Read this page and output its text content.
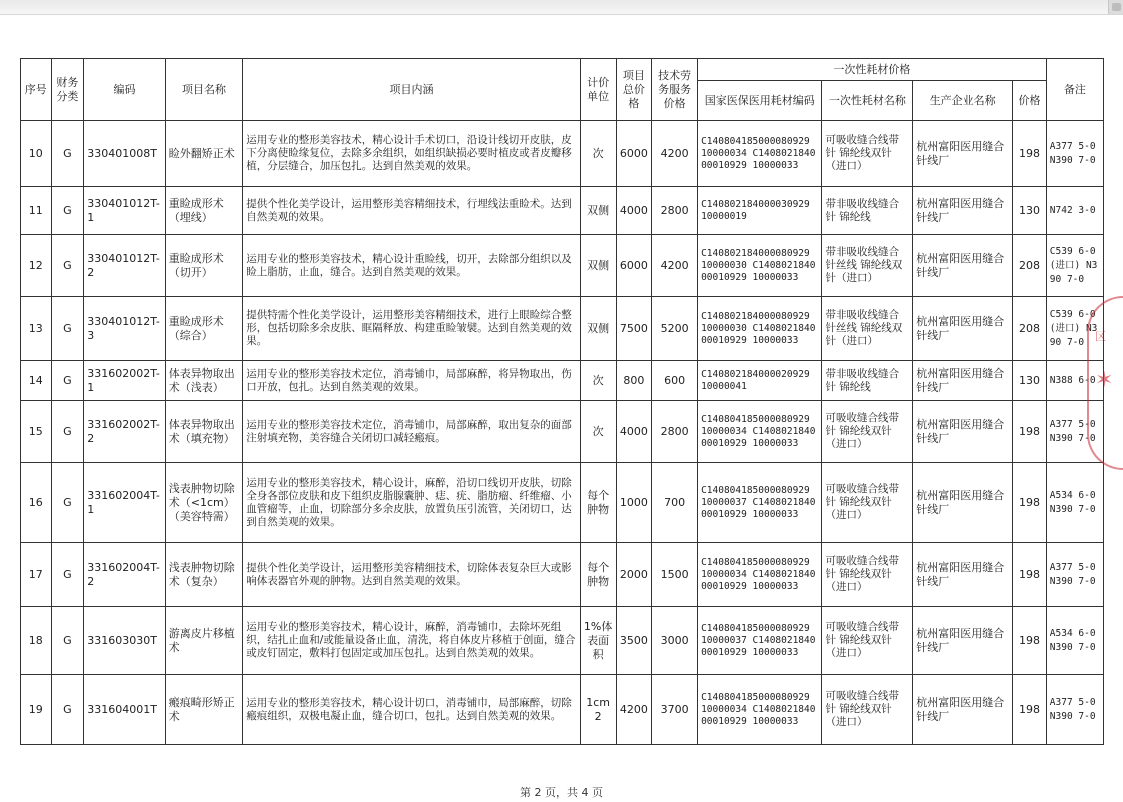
序号	财务分类	编码	项目名称	项目内涵	计价单位	项目总价格	技术劳务服务价格	一次性耗材价格				备注
								国家医保医用耗材编码	一次性耗材名称	生产企业名称	价格	
10	G	330401008T	睑外翻矫正术	运用专业的整形美容技术，精心设计手术切口，沿设计线切开皮肤，皮下分离使睑缘复位，去除多余组织，如组织缺损必要时植皮或者皮瓣移植，分层缝合，加压包扎。达到自然美观的效果。	次	6000	4200	C140804185000080929 10000034 C140802184000010929 10000033	可吸收缝合线带针 锦纶线双针（进口）	杭州富阳医用缝合针线厂	198	A377 5-0 N390 7-0
11	G	330401012T-1	重睑成形术（埋线）	提供个性化美学设计，运用整形美容精细技术，行埋线法重睑术。达到自然美观的效果。	双侧	4000	2800	C140802184000030929 10000019	带非吸收线缝合针 锦纶线	杭州富阳医用缝合针线厂	130	N742 3-0
12	G	330401012T-2	重睑成形术（切开）	运用专业的整形美容技术，精心设计重睑线，切开，去除部分组织以及睑上脂肪，止血，缝合。达到自然美观的效果。	双侧	6000	4200	C140802184000080929 10000030 C140802184000010929 10000033	带非吸收线缝合针丝线 锦纶线双针（进口）	杭州富阳医用缝合针线厂	208	C539 6-0(进口) N390 7-0
13	G	330401012T-3	重睑成形术（综合）	提供特需个性化美学设计，运用整形美容精细技术，进行上眼睑综合整形，包括切除多余皮肤、眶隔释放、构建重睑皱襞。达到自然美观的效果。	双侧	7500	5200	C140802184000080929 10000030 C140802184000010929 10000033	带非吸收线缝合针丝线 锦纶线双针（进口）	杭州富阳医用缝合针线厂	208	C539 6-0(进口) N390 7-0
14	G	331602002T-1	体表异物取出术（浅表）	运用专业的整形美容技术定位，消毒铺巾，局部麻醉，将异物取出，伤口开放，包扎。达到自然美观的效果。	次	800	600	C140802184000020929 10000041	带非吸收线缝合针 锦纶线	杭州富阳医用缝合针线厂	130	N388 6-0
15	G	331602002T-2	体表异物取出术（填充物）	运用专业的整形美容技术定位，消毒铺巾，局部麻醉，取出复杂的面部注射填充物，美容缝合关闭切口减轻瘢痕。	次	4000	2800	C140804185000080929 10000034 C140802184000010929 10000033	可吸收缝合线带针 锦纶线双针（进口）	杭州富阳医用缝合针线厂	198	A377 5-0 N390 7-0
16	G	331602004T-1	浅表肿物切除术（<1cm）（美容特需）	运用专业的整形美容技术，精心设计，麻醉，沿切口线切开皮肤，切除全身各部位皮肤和皮下组织皮脂腺囊肿、痣、疣、脂肪瘤、纤维瘤、小血管瘤等，止血，切除部分多余皮肤，放置负压引流管，关闭切口，达到自然美观的效果。	每个肿物	1000	700	C140804185000080929 10000037 C140802184000010929 10000033	可吸收缝合线带针 锦纶线双针（进口）	杭州富阳医用缝合针线厂	198	A534 6-0 N390 7-0
17	G	331602004T-2	浅表肿物切除术（复杂）	提供个性化美学设计，运用整形美容精细技术，切除体表复杂巨大或影响体表器官外观的肿物。达到自然美观的效果。	每个肿物	2000	1500	C140804185000080929 10000034 C140802184000010929 10000033	可吸收缝合线带针 锦纶线双针（进口）	杭州富阳医用缝合针线厂	198	A377 5-0 N390 7-0
18	G	331603030T	游离皮片移植术	运用专业的整形美容技术，精心设计，麻醉，消毒铺巾，去除坏死组织，结扎止血和/或能量设备止血，清洗，将自体皮片移植于创面，缝合或皮钉固定，敷料打包固定或加压包扎。达到自然美观的效果。	1%体表面积	3500	3000	C140804185000080929 10000037 C140802184000010929 10000033	可吸收缝合线带针 锦纶线双针（进口）	杭州富阳医用缝合针线厂	198	A534 6-0 N390 7-0
19	G	331604001T	瘢痕畸形矫正术	运用专业的整形美容技术，精心设计切口，消毒铺巾，局部麻醉，切除瘢痕组织，双极电凝止血，缝合切口，包扎。达到自然美观的效果。	1cm2	4200	3700	C140804185000080929 10000034 C140802184000010929 10000033	可吸收缝合线带针 锦纶线双针（进口）	杭州富阳医用缝合针线厂	198	A377 5-0 N390 7-0
区
✶
第 2 页，共 4 页
